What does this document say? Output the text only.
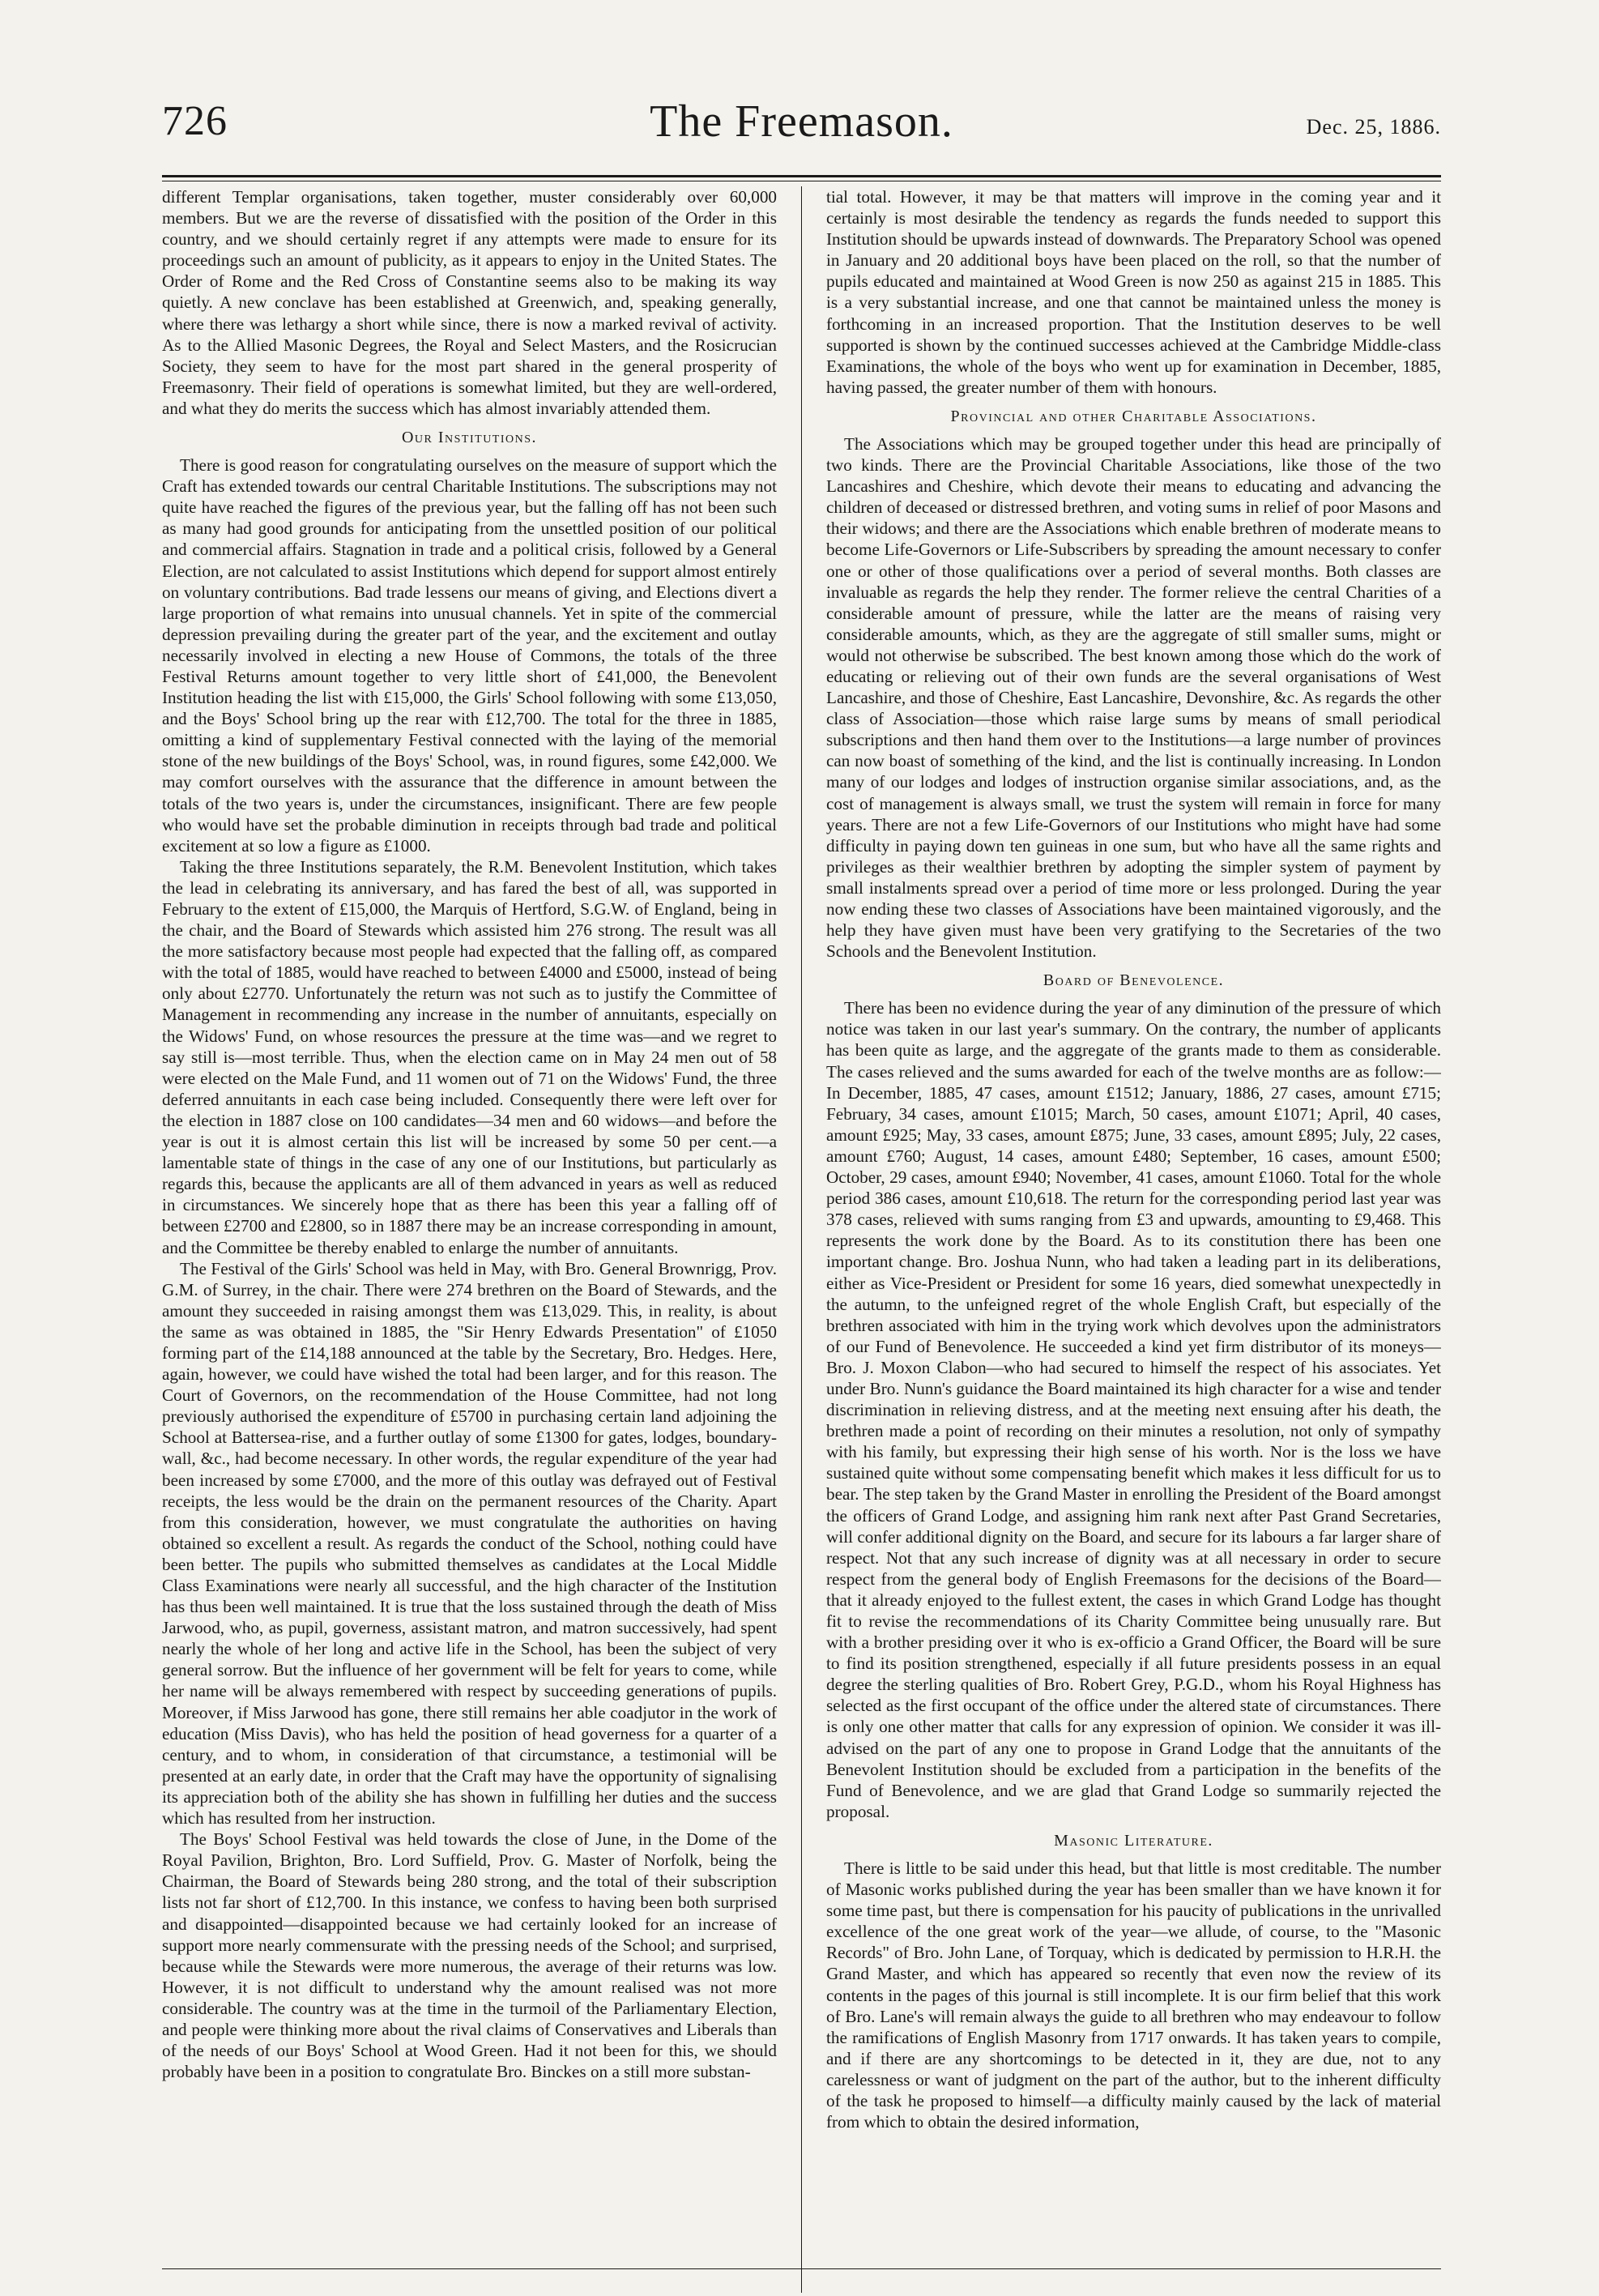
726	The Freemason.	Dec. 25, 1886.

different Templar organisations, taken together, muster considerably over 60,000 members. But we are the reverse of dissatisfied with the position of the Order in this country, and we should certainly regret if any attempts were made to ensure for its proceedings such an amount of publicity, as it appears to enjoy in the United States. The Order of Rome and the Red Cross of Constantine seems also to be making its way quietly. A new conclave has been established at Greenwich, and, speaking generally, where there was lethargy a short while since, there is now a marked revival of activity. As to the Allied Masonic Degrees, the Royal and Select Masters, and the Rosicrucian Society, they seem to have for the most part shared in the general prosperity of Freemasonry. Their field of operations is somewhat limited, but they are well-ordered, and what they do merits the success which has almost invariably attended them.

Our Institutions.

There is good reason for congratulating ourselves on the measure of support which the Craft has extended towards our central Charitable Institutions. The subscriptions may not quite have reached the figures of the previous year, but the falling off has not been such as many had good grounds for anticipating from the unsettled position of our political and commercial affairs. Stagnation in trade and a political crisis, followed by a General Election, are not calculated to assist Institutions which depend for support almost entirely on voluntary contributions. Bad trade lessens our means of giving, and Elections divert a large proportion of what remains into unusual channels. Yet in spite of the commercial depression prevailing during the greater part of the year, and the excitement and outlay necessarily involved in electing a new House of Commons, the totals of the three Festival Returns amount together to very little short of £41,000, the Benevolent Institution heading the list with £15,000, the Girls' School following with some £13,050, and the Boys' School bring up the rear with £12,700. The total for the three in 1885, omitting a kind of supplementary Festival connected with the laying of the memorial stone of the new buildings of the Boys' School, was, in round figures, some £42,000. We may comfort ourselves with the assurance that the difference in amount between the totals of the two years is, under the circumstances, insignificant. There are few people who would have set the probable diminution in receipts through bad trade and political excitement at so low a figure as £1000.

Taking the three Institutions separately, the R.M. Benevolent Institution, which takes the lead in celebrating its anniversary, and has fared the best of all, was supported in February to the extent of £15,000, the Marquis of Hertford, S.G.W. of England, being in the chair, and the Board of Stewards which assisted him 276 strong. The result was all the more satisfactory because most people had expected that the falling off, as compared with the total of 1885, would have reached to between £4000 and £5000, instead of being only about £2770. Unfortunately the return was not such as to justify the Committee of Management in recommending any increase in the number of annuitants, especially on the Widows' Fund, on whose resources the pressure at the time was—and we regret to say still is—most terrible. Thus, when the election came on in May 24 men out of 58 were elected on the Male Fund, and 11 women out of 71 on the Widows' Fund, the three deferred annuitants in each case being included. Consequently there were left over for the election in 1887 close on 100 candidates—34 men and 60 widows—and before the year is out it is almost certain this list will be increased by some 50 per cent.—a lamentable state of things in the case of any one of our Institutions, but particularly as regards this, because the applicants are all of them advanced in years as well as reduced in circumstances. We sincerely hope that as there has been this year a falling off of between £2700 and £2800, so in 1887 there may be an increase corresponding in amount, and the Committee be thereby enabled to enlarge the number of annuitants.

The Festival of the Girls' School was held in May, with Bro. General Brownrigg, Prov. G.M. of Surrey, in the chair. There were 274 brethren on the Board of Stewards, and the amount they succeeded in raising amongst them was £13,029. This, in reality, is about the same as was obtained in 1885, the "Sir Henry Edwards Presentation" of £1050 forming part of the £14,188 announced at the table by the Secretary, Bro. Hedges. Here, again, however, we could have wished the total had been larger, and for this reason. The Court of Governors, on the recommendation of the House Committee, had not long previously authorised the expenditure of £5700 in purchasing certain land adjoining the School at Battersea-rise, and a further outlay of some £1300 for gates, lodges, boundary-wall, &c., had become necessary. In other words, the regular expenditure of the year had been increased by some £7000, and the more of this outlay was defrayed out of Festival receipts, the less would be the drain on the permanent resources of the Charity. Apart from this consideration, however, we must congratulate the authorities on having obtained so excellent a result. As regards the conduct of the School, nothing could have been better. The pupils who submitted themselves as candidates at the Local Middle Class Examinations were nearly all successful, and the high character of the Institution has thus been well maintained. It is true that the loss sustained through the death of Miss Jarwood, who, as pupil, governess, assistant matron, and matron successively, had spent nearly the whole of her long and active life in the School, has been the subject of very general sorrow. But the influence of her government will be felt for years to come, while her name will be always remembered with respect by succeeding generations of pupils. Moreover, if Miss Jarwood has gone, there still remains her able coadjutor in the work of education (Miss Davis), who has held the position of head governess for a quarter of a century, and to whom, in consideration of that circumstance, a testimonial will be presented at an early date, in order that the Craft may have the opportunity of signalising its appreciation both of the ability she has shown in fulfilling her duties and the success which has resulted from her instruction.

The Boys' School Festival was held towards the close of June, in the Dome of the Royal Pavilion, Brighton, Bro. Lord Suffield, Prov. G. Master of Norfolk, being the Chairman, the Board of Stewards being 280 strong, and the total of their subscription lists not far short of £12,700. In this instance, we confess to having been both surprised and disappointed—disappointed because we had certainly looked for an increase of support more nearly commensurate with the pressing needs of the School; and surprised, because while the Stewards were more numerous, the average of their returns was low. However, it is not difficult to understand why the amount realised was not more considerable. The country was at the time in the turmoil of the Parliamentary Election, and people were thinking more about the rival claims of Conservatives and Liberals than of the needs of our Boys' School at Wood Green. Had it not been for this, we should probably have been in a position to congratulate Bro. Binckes on a still more substan-

tial total. However, it may be that matters will improve in the coming year and it certainly is most desirable the tendency as regards the funds needed to support this Institution should be upwards instead of downwards. The Preparatory School was opened in January and 20 additional boys have been placed on the roll, so that the number of pupils educated and maintained at Wood Green is now 250 as against 215 in 1885. This is a very substantial increase, and one that cannot be maintained unless the money is forthcoming in an increased proportion. That the Institution deserves to be well supported is shown by the continued successes achieved at the Cambridge Middle-class Examinations, the whole of the boys who went up for examination in December, 1885, having passed, the greater number of them with honours.

Provincial and other Charitable Associations.

The Associations which may be grouped together under this head are principally of two kinds. There are the Provincial Charitable Associations, like those of the two Lancashires and Cheshire, which devote their means to educating and advancing the children of deceased or distressed brethren, and voting sums in relief of poor Masons and their widows; and there are the Associations which enable brethren of moderate means to become Life-Governors or Life-Subscribers by spreading the amount necessary to confer one or other of those qualifications over a period of several months. Both classes are invaluable as regards the help they render. The former relieve the central Charities of a considerable amount of pressure, while the latter are the means of raising very considerable amounts, which, as they are the aggregate of still smaller sums, might or would not otherwise be subscribed. The best known among those which do the work of educating or relieving out of their own funds are the several organisations of West Lancashire, and those of Cheshire, East Lancashire, Devonshire, &c. As regards the other class of Association—those which raise large sums by means of small periodical subscriptions and then hand them over to the Institutions—a large number of provinces can now boast of something of the kind, and the list is continually increasing. In London many of our lodges and lodges of instruction organise similar associations, and, as the cost of management is always small, we trust the system will remain in force for many years. There are not a few Life-Governors of our Institutions who might have had some difficulty in paying down ten guineas in one sum, but who have all the same rights and privileges as their wealthier brethren by adopting the simpler system of payment by small instalments spread over a period of time more or less prolonged. During the year now ending these two classes of Associations have been maintained vigorously, and the help they have given must have been very gratifying to the Secretaries of the two Schools and the Benevolent Institution.

Board of Benevolence.

There has been no evidence during the year of any diminution of the pressure of which notice was taken in our last year's summary. On the contrary, the number of applicants has been quite as large, and the aggregate of the grants made to them as considerable. The cases relieved and the sums awarded for each of the twelve months are as follow:—In December, 1885, 47 cases, amount £1512; January, 1886, 27 cases, amount £715; February, 34 cases, amount £1015; March, 50 cases, amount £1071; April, 40 cases, amount £925; May, 33 cases, amount £875; June, 33 cases, amount £895; July, 22 cases, amount £760; August, 14 cases, amount £480; September, 16 cases, amount £500; October, 29 cases, amount £940; November, 41 cases, amount £1060. Total for the whole period 386 cases, amount £10,618. The return for the corresponding period last year was 378 cases, relieved with sums ranging from £3 and upwards, amounting to £9,468. This represents the work done by the Board. As to its constitution there has been one important change. Bro. Joshua Nunn, who had taken a leading part in its deliberations, either as Vice-President or President for some 16 years, died somewhat unexpectedly in the autumn, to the unfeigned regret of the whole English Craft, but especially of the brethren associated with him in the trying work which devolves upon the administrators of our Fund of Benevolence. He succeeded a kind yet firm distributor of its moneys—Bro. J. Moxon Clabon—who had secured to himself the respect of his associates. Yet under Bro. Nunn's guidance the Board maintained its high character for a wise and tender discrimination in relieving distress, and at the meeting next ensuing after his death, the brethren made a point of recording on their minutes a resolution, not only of sympathy with his family, but expressing their high sense of his worth. Nor is the loss we have sustained quite without some compensating benefit which makes it less difficult for us to bear. The step taken by the Grand Master in enrolling the President of the Board amongst the officers of Grand Lodge, and assigning him rank next after Past Grand Secretaries, will confer additional dignity on the Board, and secure for its labours a far larger share of respect. Not that any such increase of dignity was at all necessary in order to secure respect from the general body of English Freemasons for the decisions of the Board—that it already enjoyed to the fullest extent, the cases in which Grand Lodge has thought fit to revise the recommendations of its Charity Committee being unusually rare. But with a brother presiding over it who is ex-officio a Grand Officer, the Board will be sure to find its position strengthened, especially if all future presidents possess in an equal degree the sterling qualities of Bro. Robert Grey, P.G.D., whom his Royal Highness has selected as the first occupant of the office under the altered state of circumstances. There is only one other matter that calls for any expression of opinion. We consider it was ill-advised on the part of any one to propose in Grand Lodge that the annuitants of the Benevolent Institution should be excluded from a participation in the benefits of the Fund of Benevolence, and we are glad that Grand Lodge so summarily rejected the proposal.

Masonic Literature.

There is little to be said under this head, but that little is most creditable. The number of Masonic works published during the year has been smaller than we have known it for some time past, but there is compensation for his paucity of publications in the unrivalled excellence of the one great work of the year—we allude, of course, to the "Masonic Records" of Bro. John Lane, of Torquay, which is dedicated by permission to H.R.H. the Grand Master, and which has appeared so recently that even now the review of its contents in the pages of this journal is still incomplete. It is our firm belief that this work of Bro. Lane's will remain always the guide to all brethren who may endeavour to follow the ramifications of English Masonry from 1717 onwards. It has taken years to compile, and if there are any shortcomings to be detected in it, they are due, not to any carelessness or want of judgment on the part of the author, but to the inherent difficulty of the task he proposed to himself—a difficulty mainly caused by the lack of material from which to obtain the desired information,
